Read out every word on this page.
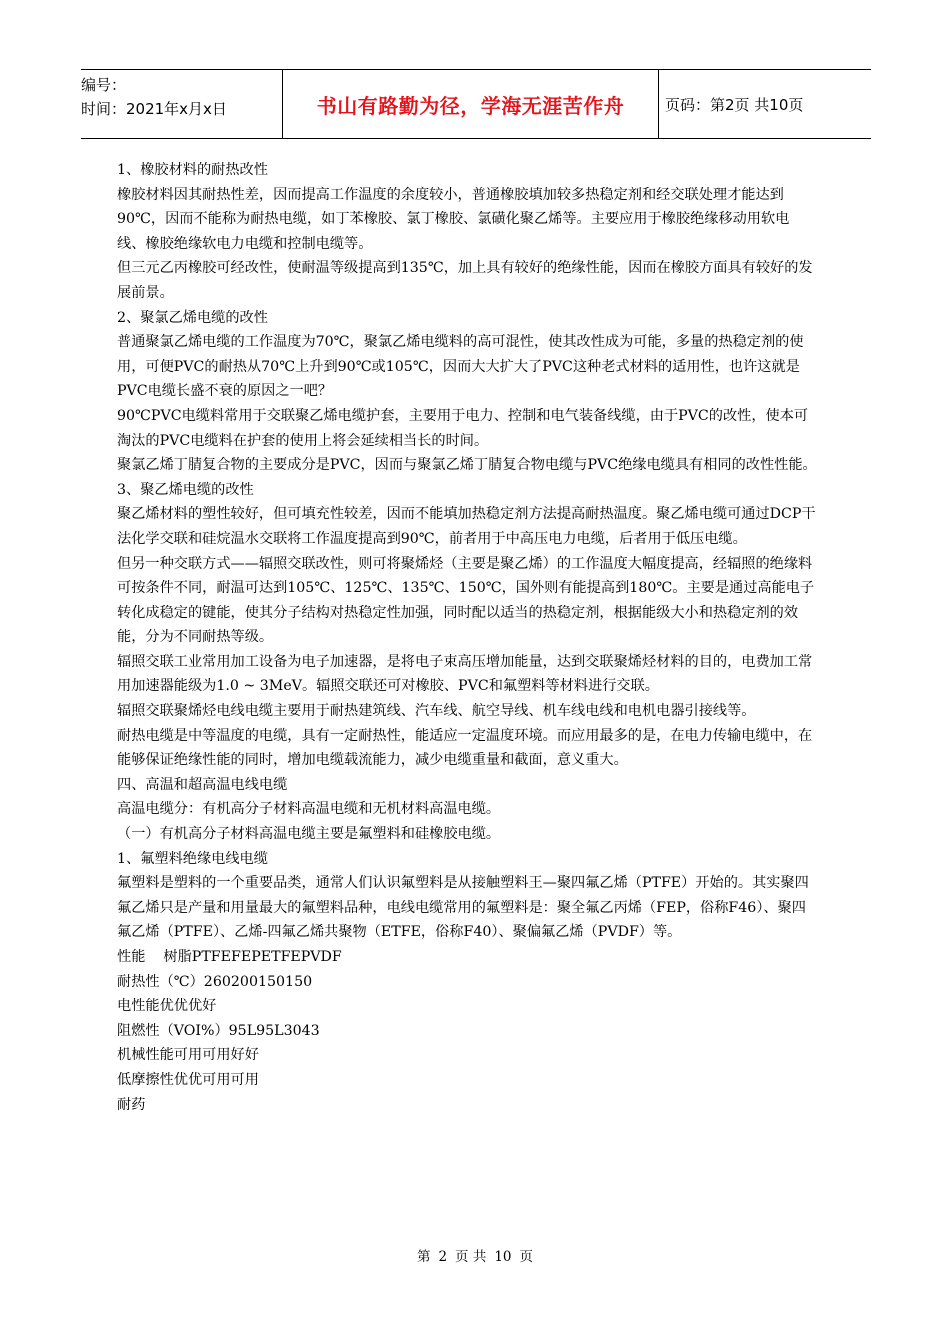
编号：
时间：2021年x月x日	书山有路勤为径，学海无涯苦作舟	页码：第2页 共10页

1、橡胶材料的耐热改性

橡胶材料因其耐热性差，因而提高工作温度的余度较小，普通橡胶填加较多热稳定剂和经交联处理才能达到90℃，因而不能称为耐热电缆，如丁苯橡胶、氯丁橡胶、氯磺化聚乙烯等。主要应用于橡胶绝缘移动用软电线、橡胶绝缘软电力电缆和控制电缆等。

但三元乙丙橡胶可经改性，使耐温等级提高到135℃，加上具有较好的绝缘性能，因而在橡胶方面具有较好的发展前景。

2、聚氯乙烯电缆的改性

普通聚氯乙烯电缆的工作温度为70℃，聚氯乙烯电缆料的高可混性，使其改性成为可能，多量的热稳定剂的使用，可便PVC的耐热从70℃上升到90℃或105℃，因而大大扩大了PVC这种老式材料的适用性，也许这就是PVC电缆长盛不衰的原因之一吧？

90℃PVC电缆料常用于交联聚乙烯电缆护套，主要用于电力、控制和电气装备线缆，由于PVC的改性，使本可淘汰的PVC电缆料在护套的使用上将会延续相当长的时间。

聚氯乙烯丁腈复合物的主要成分是PVC，因而与聚氯乙烯丁腈复合物电缆与PVC绝缘电缆具有相同的改性性能。

3、聚乙烯电缆的改性

聚乙烯材料的塑性较好，但可填充性较差，因而不能填加热稳定剂方法提高耐热温度。聚乙烯电缆可通过DCP干法化学交联和硅烷温水交联将工作温度提高到90℃，前者用于中高压电力电缆，后者用于低压电缆。

但另一种交联方式——辐照交联改性，则可将聚烯烃（主要是聚乙烯）的工作温度大幅度提高，经辐照的绝缘料可按条件不同，耐温可达到105℃、125℃、135℃、150℃，国外则有能提高到180℃。主要是通过高能电子转化成稳定的键能，使其分子结构对热稳定性加强，同时配以适当的热稳定剂，根据能级大小和热稳定剂的效能，分为不同耐热等级。

辐照交联工业常用加工设备为电子加速器，是将电子束高压增加能量，达到交联聚烯烃材料的目的，电费加工常用加速器能级为1.0 ~ 3MeV。辐照交联还可对橡胶、PVC和氟塑料等材料进行交联。

辐照交联聚烯烃电线电缆主要用于耐热建筑线、汽车线、航空导线、机车线电线和电机电器引接线等。

耐热电缆是中等温度的电缆，具有一定耐热性，能适应一定温度环境。而应用最多的是，在电力传输电缆中，在能够保证绝缘性能的同时，增加电缆载流能力，减少电缆重量和截面，意义重大。

四、高温和超高温电线电缆

高温电缆分：有机高分子材料高温电缆和无机材料高温电缆。

（一）有机高分子材料高温电缆主要是氟塑料和硅橡胶电缆。

1、氟塑料绝缘电线电缆

氟塑料是塑料的一个重要品类，通常人们认识氟塑料是从接触塑料王—聚四氟乙烯（PTFE）开始的。其实聚四氟乙烯只是产量和用量最大的氟塑料品种，电线电缆常用的氟塑料是：聚全氟乙丙烯（FEP，俗称F46）、聚四氟乙烯（PTFE）、乙烯-四氟乙烯共聚物（ETFE，俗称F40）、聚偏氟乙烯（PVDF）等。

性能    树脂PTFEFEPETFEPVDF

耐热性（℃）260200150150

电性能优优优好

阻燃性（VOI%）95L95L3043

机械性能可用可用好好

低摩擦性优优可用可用

耐药

第 2 页 共 10 页
